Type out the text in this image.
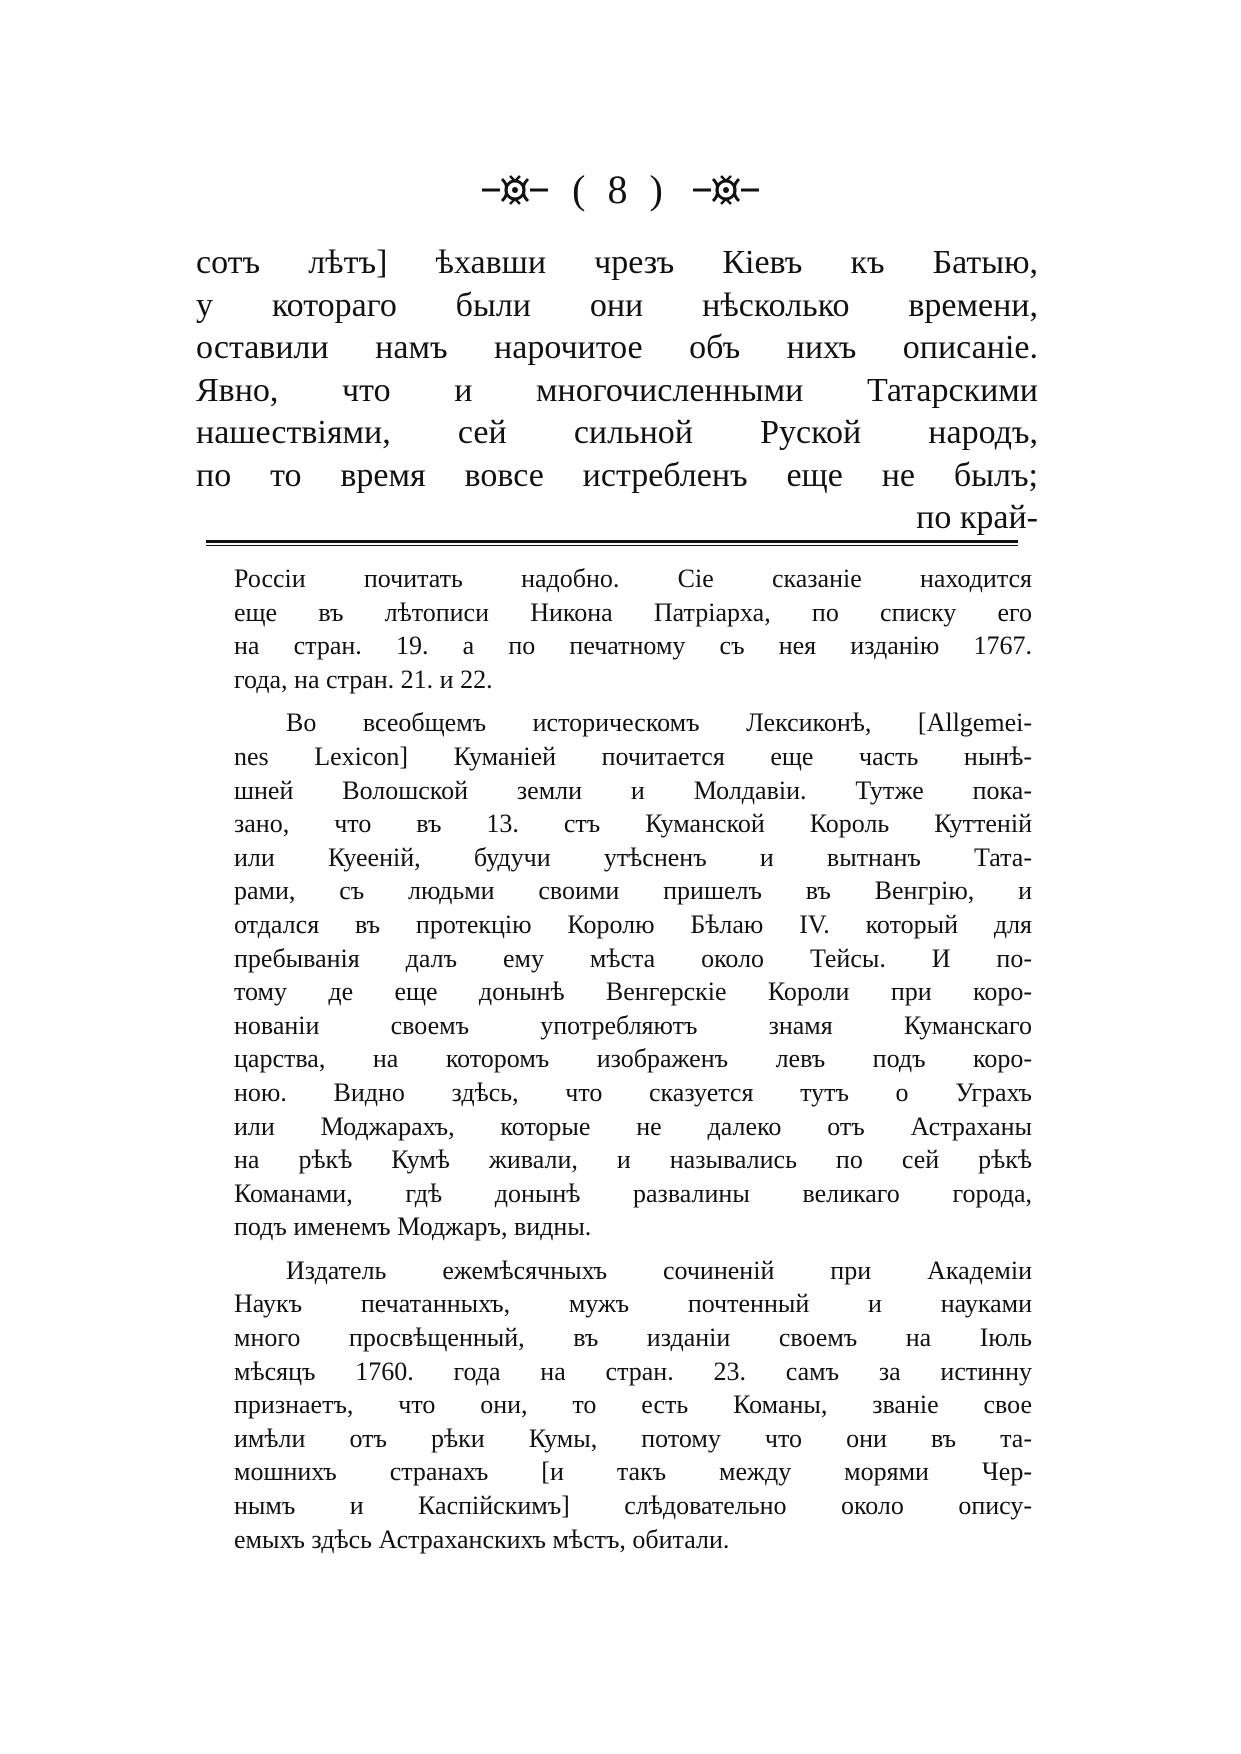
( 8 )
сотъ лѣтъ] ѣхавши чрезъ Кіевъ къ Батыю,
у котораго были они нѣсколько времени,
оставили намъ нарочитое объ нихъ описаніе.
Явно, что и многочисленными Татарскими
нашествіями, сей сильной Руской народъ,
по то время вовсе истребленъ еще не былъ;
по край-
Россіи почитать надобно. Сіе сказаніе находится
еще въ лѣтописи Никона Патріарха, по списку его
на стран. 19. а по печатному съ нея изданію 1767.
года, на стран. 21. и 22.
Во всеобщемъ историческомъ Лексиконѣ, [Allgemei-
nes Lexicon] Куманіей почитается еще часть нынѣ-
шней Волошской земли и Молдавіи. Тутже пока-
зано, что въ 13. стъ Куманской Король Куттеній
или Куееній, будучи утѣсненъ и вытнанъ Тата-
рами, съ людьми своими пришелъ въ Венгрію, и
отдался въ протекцію Королю Бѣлаю IV. который для
пребыванія далъ ему мѣста около Тейсы. И по-
тому де еще донынѣ Венгерскіе Короли при коро-
нованіи своемъ употребляютъ знамя Куманскаго
царства, на которомъ изображенъ левъ подъ коро-
ною. Видно здѣсь, что сказуется тутъ о Уграхъ
или Моджарахъ, которые не далеко отъ Астраханы
на рѣкѣ Кумѣ живали, и назывались по сей рѣкѣ
Команами, гдѣ донынѣ развалины великаго города,
подъ именемъ Моджаръ, видны.
Издатель ежемѣсячныхъ сочиненій при Академіи
Наукъ печатанныхъ, мужъ почтенный и науками
много просвѣщенный, въ изданіи своемъ на Іюль
мѣсяцъ 1760. года на стран. 23. самъ за истинну
признаетъ, что они, то есть Команы, званіе свое
имѣли отъ рѣки Кумы, потому что они въ та-
мошнихъ странахъ [и такъ между морями Чер-
нымъ и Каспійскимъ] слѣдовательно около опису-
емыхъ здѣсь Астраханскихъ мѣстъ, обитали.
